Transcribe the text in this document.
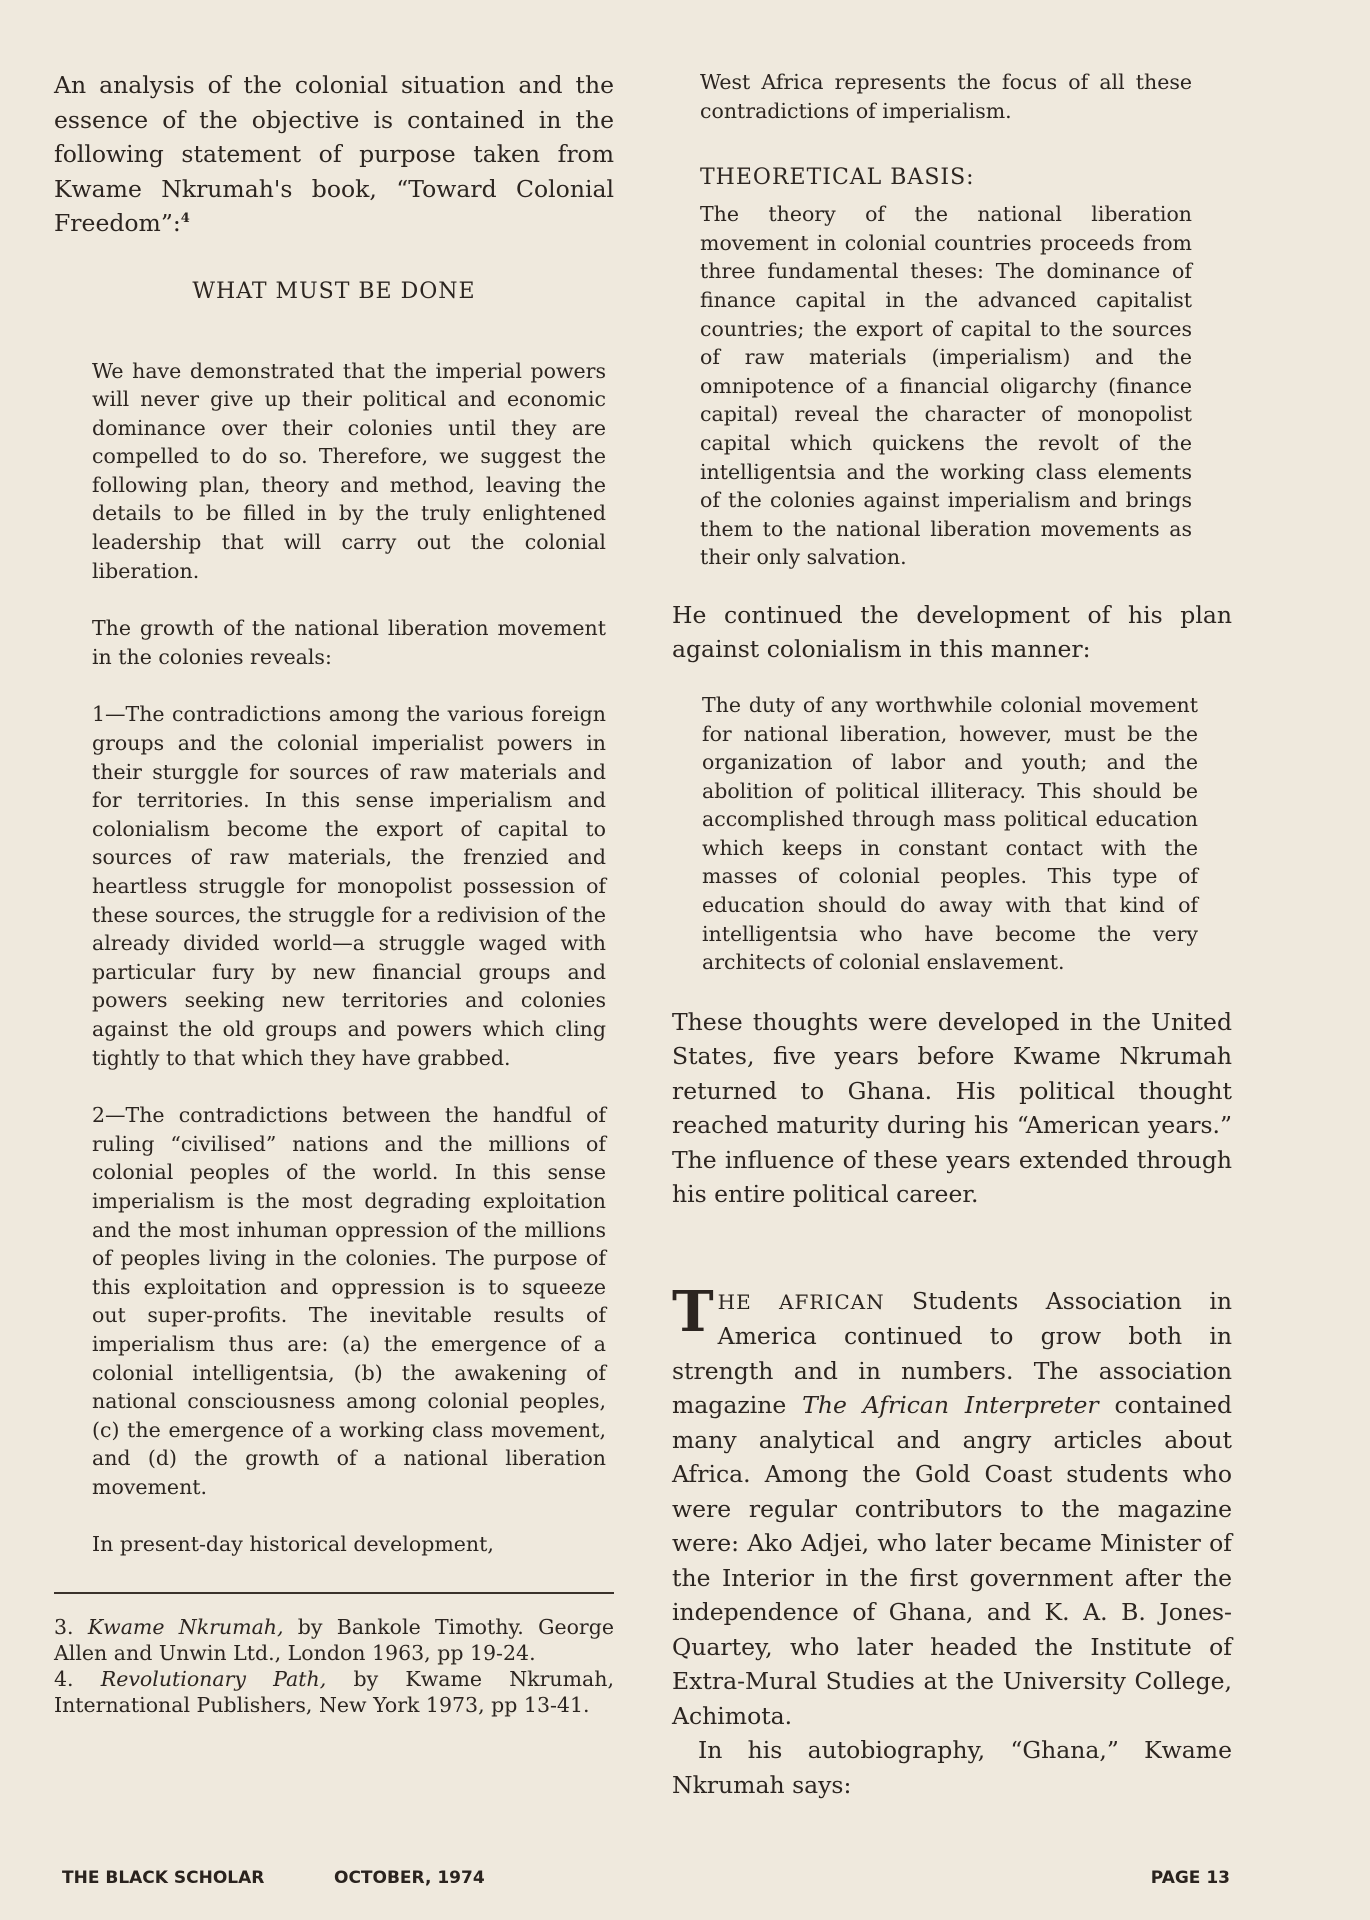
An analysis of the colonial situation and the essence of the objective is contained in the following statement of purpose taken from Kwame Nkrumah's book, “Toward Colonial Freedom”:$^4$

WHAT MUST BE DONE

We have demonstrated that the imperial powers will never give up their political and economic dominance over their colonies until they are compelled to do so. Therefore, we suggest the following plan, theory and method, leaving the details to be filled in by the truly enlightened leadership that will carry out the colonial liberation.

The growth of the national liberation movement in the colonies reveals:

1—The contradictions among the various foreign groups and the colonial imperialist powers in their sturggle for sources of raw materials and for territories. In this sense imperialism and colonialism become the export of capital to sources of raw materials, the frenzied and heartless struggle for monopolist possession of these sources, the struggle for a redivision of the already divided world—a struggle waged with particular fury by new financial groups and powers seeking new territories and colonies against the old groups and powers which cling tightly to that which they have grabbed.

2—The contradictions between the handful of ruling “civilised” nations and the millions of colonial peoples of the world. In this sense imperialism is the most degrading exploitation and the most inhuman oppression of the millions of peoples living in the colonies. The purpose of this exploitation and oppression is to squeeze out super-profits. The inevitable results of imperialism thus are: (a) the emergence of a colonial intelligentsia, (b) the awakening of national consciousness among colonial peoples, (c) the emergence of a working class movement, and (d) the growth of a national liberation movement.

In present-day historical development,

3. Kwame Nkrumah, by Bankole Timothy. George Allen and Unwin Ltd., London 1963, pp 19-24.

4. Revolutionary Path, by Kwame Nkrumah, International Publishers, New York 1973, pp 13-41.

West Africa represents the focus of all these contradictions of imperialism.

THEORETICAL BASIS:

The theory of the national liberation movement in colonial countries proceeds from three fundamental theses: The dominance of finance capital in the advanced capitalist countries; the export of capital to the sources of raw materials (imperialism) and the omnipotence of a financial oligarchy (finance capital) reveal the character of monopolist capital which quickens the revolt of the intelligentsia and the working class elements of the colonies against imperialism and brings them to the national liberation movements as their only salvation.

He continued the development of his plan against colonialism in this manner:

The duty of any worthwhile colonial movement for national liberation, however, must be the organization of labor and youth; and the abolition of political illiteracy. This should be accomplished through mass political education which keeps in constant contact with the masses of colonial peoples. This type of education should do away with that kind of intelligentsia who have become the very architects of colonial enslavement.

These thoughts were developed in the United States, five years before Kwame Nkrumah returned to Ghana. His political thought reached maturity during his “American years.” The influence of these years extended through his entire political career.

THE AFRICAN Students Association in America continued to grow both in strength and in numbers. The association magazine The African Interpreter contained many analytical and angry articles about Africa. Among the Gold Coast students who were regular contributors to the magazine were: Ako Adjei, who later became Minister of the Interior in the first government after the independence of Ghana, and K. A. B. Jones-Quartey, who later headed the Institute of Extra-Mural Studies at the University College, Achimota.

In his autobiography, “Ghana,” Kwame Nkrumah says:

THE BLACK SCHOLAR	OCTOBER, 1974	PAGE 13
